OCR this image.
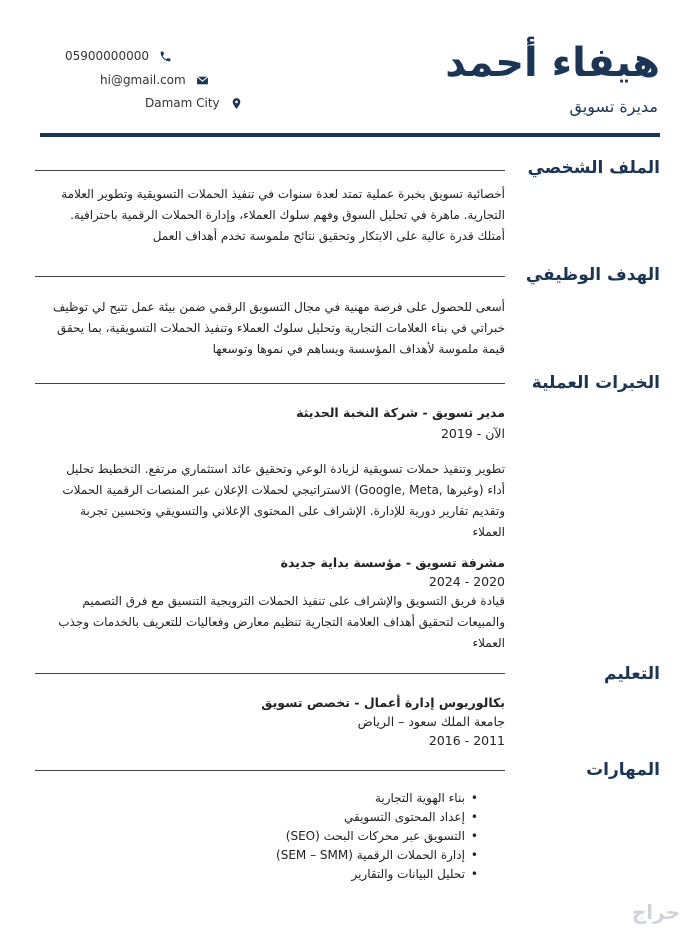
هيفاء أحمد
مديرة تسويق
05900000000
hi@gmail.com
Damam City
الملف الشخصي
أخصائية تسويق بخبرة عملية تمتد لعدة سنوات في تنفيذ الحملات التسويقية وتطوير العلامة التجارية. ماهرة في تحليل السوق وفهم سلوك العملاء، وإدارة الحملات الرقمية باحترافية. أمتلك قدرة عالية على الابتكار وتحقيق نتائج ملموسة تخدم أهداف العمل
الهدف الوظيفي
أسعى للحصول على فرصة مهنية في مجال التسويق الرقمي ضمن بيئة عمل تتيح لي توظيف خبراتي في بناء العلامات التجارية وتحليل سلوك العملاء وتنفيذ الحملات التسويقية، بما يحقق قيمة ملموسة لأهداف المؤسسة ويساهم في نموها وتوسعها
الخبرات العملية
مدير تسويق - شركة النخبة الحديثة
الآن - 2019
تطوير وتنفيذ حملات تسويقية لزيادة الوعي وتحقيق عائد استثماري مرتفع. التخطيط تحليل أداء (وغيرها ,Google, Meta) الاستراتيجي لحملات الإعلان عبر المنصات الرقمية الحملات وتقديم تقارير دورية للإدارة. الإشراف على المحتوى الإعلاني والتسويقي وتحسين تجربة العملاء
مشرفة تسويق - مؤسسة بداية جديدة
2020 - 2024
قيادة فريق التسويق والإشراف على تنفيذ الحملات الترويجية التنسيق مع فرق التصميم والمبيعات لتحقيق أهداف العلامة التجارية تنظيم معارض وفعاليات للتعريف بالخدمات وجذب العملاء
التعليم
بكالوريوس إدارة أعمال - تخصص تسويق
جامعة الملك سعود – الرياض
2011 - 2016
المهارات
• بناء الهوية التجارية
• إعداد المحتوى التسويقي
• التسويق عبر محركات البحث (SEO)
• إدارة الحملات الرقمية (SEM – SMM)
• تحليل البيانات والتقارير
حراج
